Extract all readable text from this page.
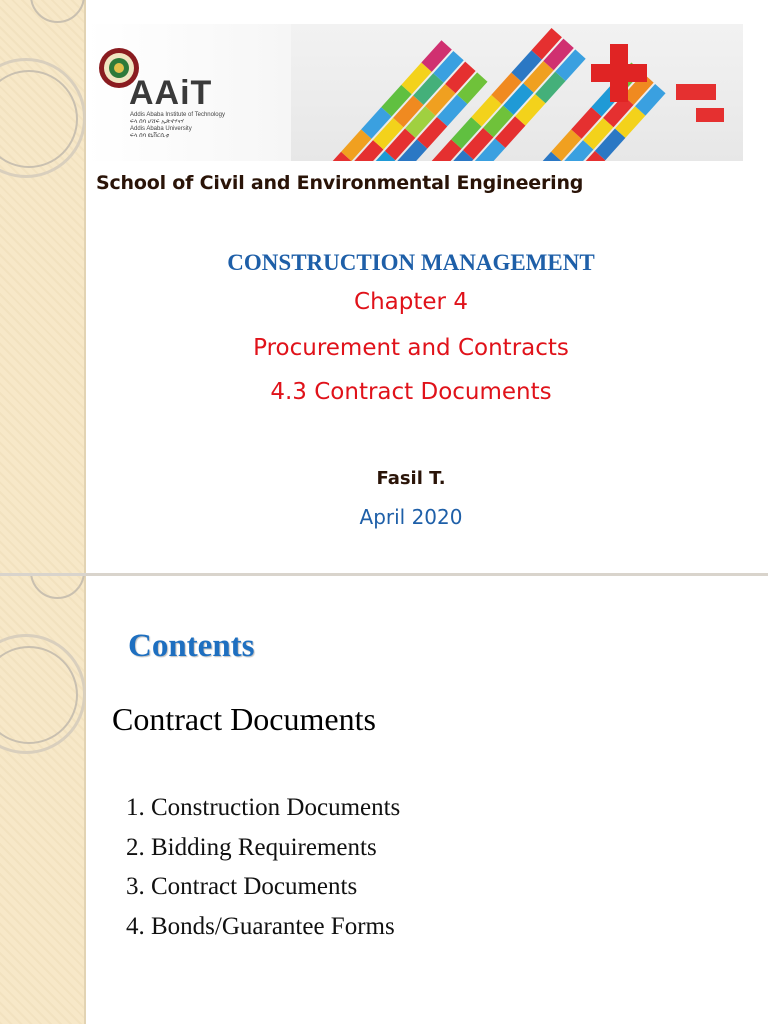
AAiT
Addis Ababa Institute of Technology
ፍላ ሰባ ሆሸፍ ኢጽኖሃናሃ
Addis Ababa University
ፍላ ሰባ ዩኒቨርሲቲ
School of Civil and Environmental Engineering
CONSTRUCTION MANAGEMENT
Chapter 4
Procurement and Contracts
4.3 Contract Documents
Fasil T.
April 2020
Contents
Contract Documents
1. Construction Documents
2. Bidding Requirements
3. Contract Documents
4. Bonds/Guarantee Forms
